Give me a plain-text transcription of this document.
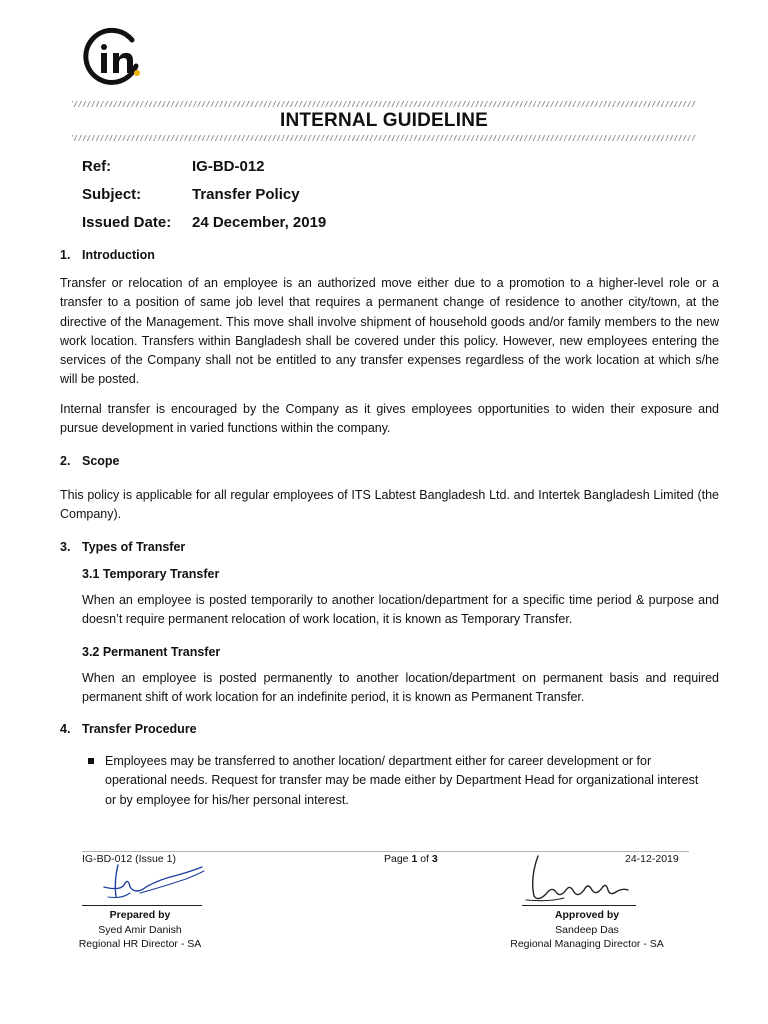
INTERNAL GUIDELINE
Ref:	IG-BD-012
Subject:	Transfer Policy
Issued Date: 24 December, 2019
1. Introduction
Transfer or relocation of an employee is an authorized move either due to a promotion to a higher-level role or a transfer to a position of same job level that requires a permanent change of residence to another city/town, at the directive of the Management. This move shall involve shipment of household goods and/or family members to the new work location. Transfers within Bangladesh shall be covered under this policy. However, new employees entering the services of the Company shall not be entitled to any transfer expenses regardless of the work location at which s/he will be posted.
Internal transfer is encouraged by the Company as it gives employees opportunities to widen their exposure and pursue development in varied functions within the company.
2. Scope
This policy is applicable for all regular employees of ITS Labtest Bangladesh Ltd. and Intertek Bangladesh Limited (the Company).
3. Types of Transfer
3.1 Temporary Transfer
When an employee is posted temporarily to another location/department for a specific time period & purpose and doesn’t require permanent relocation of work location, it is known as Temporary Transfer.
3.2 Permanent Transfer
When an employee is posted permanently to another location/department on permanent basis and required permanent shift of work location for an indefinite period, it is known as Permanent Transfer.
4. Transfer Procedure
Employees may be transferred to another location/ department either for career development or for operational needs. Request for transfer may be made either by Department Head for organizational interest or by employee for his/her personal interest.
IG-BD-012 (Issue 1)	Page 1 of 3	24-12-2019
Prepared by
Syed Amir Danish
Regional HR Director - SA
Approved by
Sandeep Das
Regional Managing Director - SA
